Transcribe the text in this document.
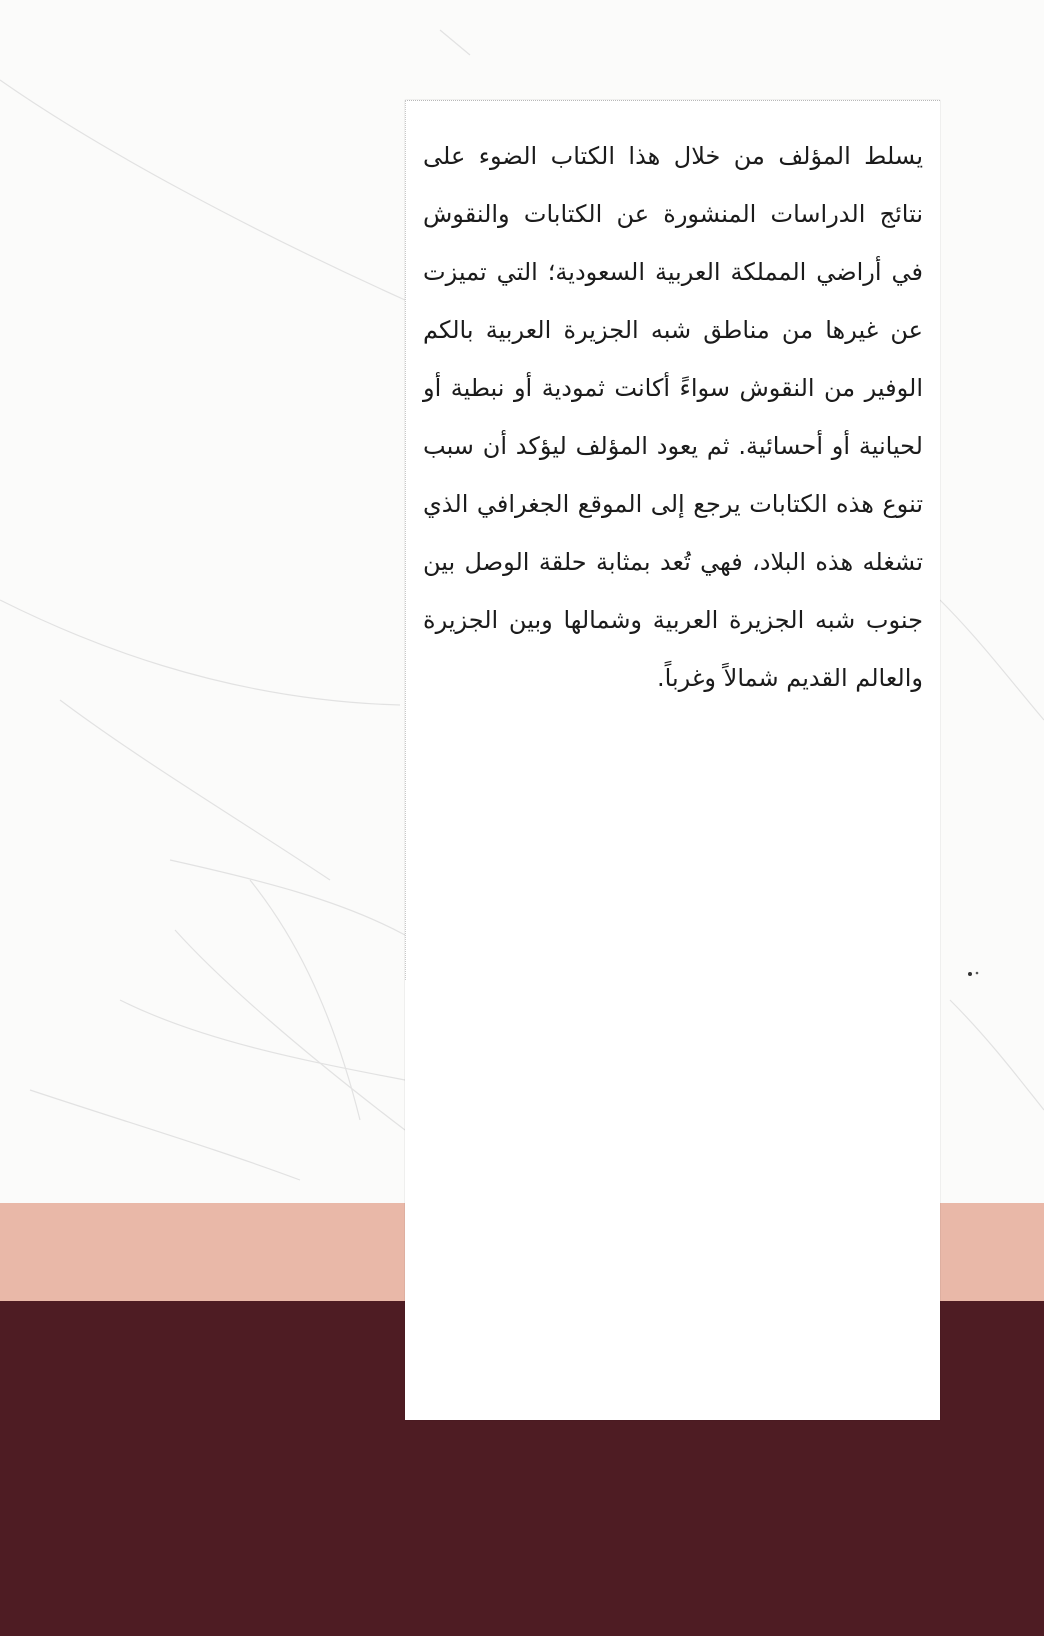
يسلط المؤلف من خلال هذا الكتاب الضوء على نتائج الدراسات المنشورة عن الكتابات والنقوش في أراضي المملكة العربية السعودية؛ التي تميزت عن غيرها من مناطق شبه الجزيرة العربية بالكم الوفير من النقوش سواءً أكانت ثمودية أو نبطية أو لحيانية أو أحسائية. ثم يعود المؤلف ليؤكد أن سبب تنوع هذه الكتابات يرجع إلى الموقع الجغرافي الذي تشغله هذه البلاد، فهي تُعد بمثابة حلقة الوصل بين جنوب شبه الجزيرة العربية وشمالها وبين الجزيرة والعالم القديم شمالاً وغرباً.
